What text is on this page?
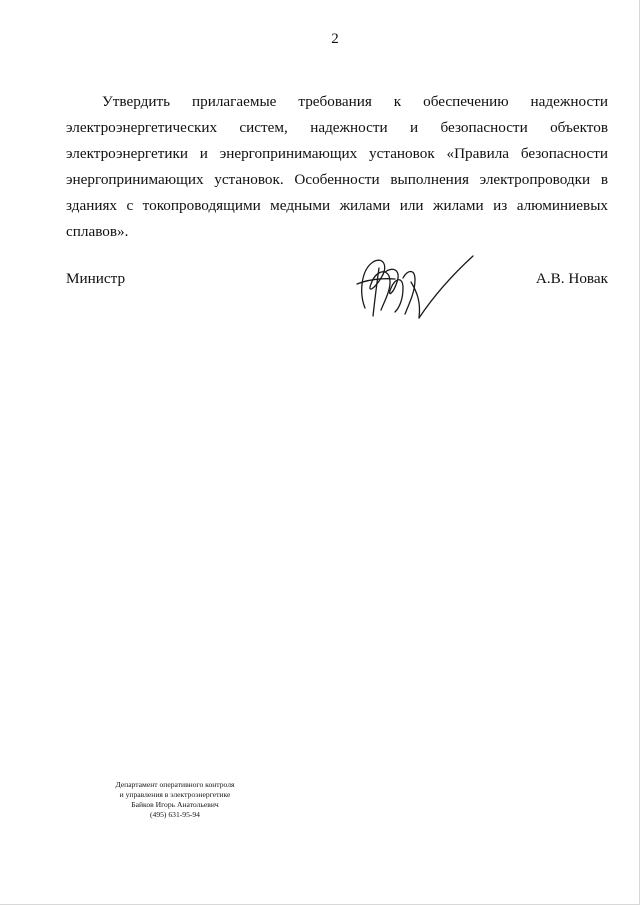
2

Утвердить прилагаемые требования к обеспечению надежности электроэнергетических систем, надежности и безопасности объектов электроэнергетики и энергопринимающих установок «Правила безопасности энергопринимающих установок. Особенности выполнения электропроводки в зданиях с токопроводящими медными жилами или жилами из алюминиевых сплавов».

Министр	А.В. Новак
Департамент оперативного контроля
и управления в электроэнергетике
Байков Игорь Анатольевич
(495) 631-95-94
